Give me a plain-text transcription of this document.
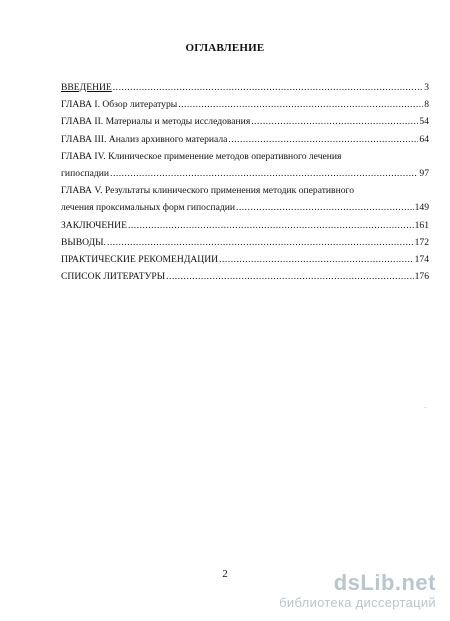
ОГЛАВЛЕНИЕ
ВВЕДЕНИЕ .....	3
ГЛАВА I. Обзор литературы .....	8
ГЛАВА II. Материалы и методы исследования .....	54
ГЛАВА III. Анализ архивного материала .....	64
ГЛАВА IV. Клиническое применение методов оперативного лечения
гипоспадии .....	97
ГЛАВА V. Результаты клинического применения методик оперативного
лечения проксимальных форм гипоспадии .....	149
ЗАКЛЮЧЕНИЕ .....	161
ВЫВОДЫ. .....	172
ПРАКТИЧЕСКИЕ РЕКОМЕНДАЦИИ .....	174
СПИСОК ЛИТЕРАТУРЫ .....	176
..
2	dsLib.net
библиотека диссертаций
